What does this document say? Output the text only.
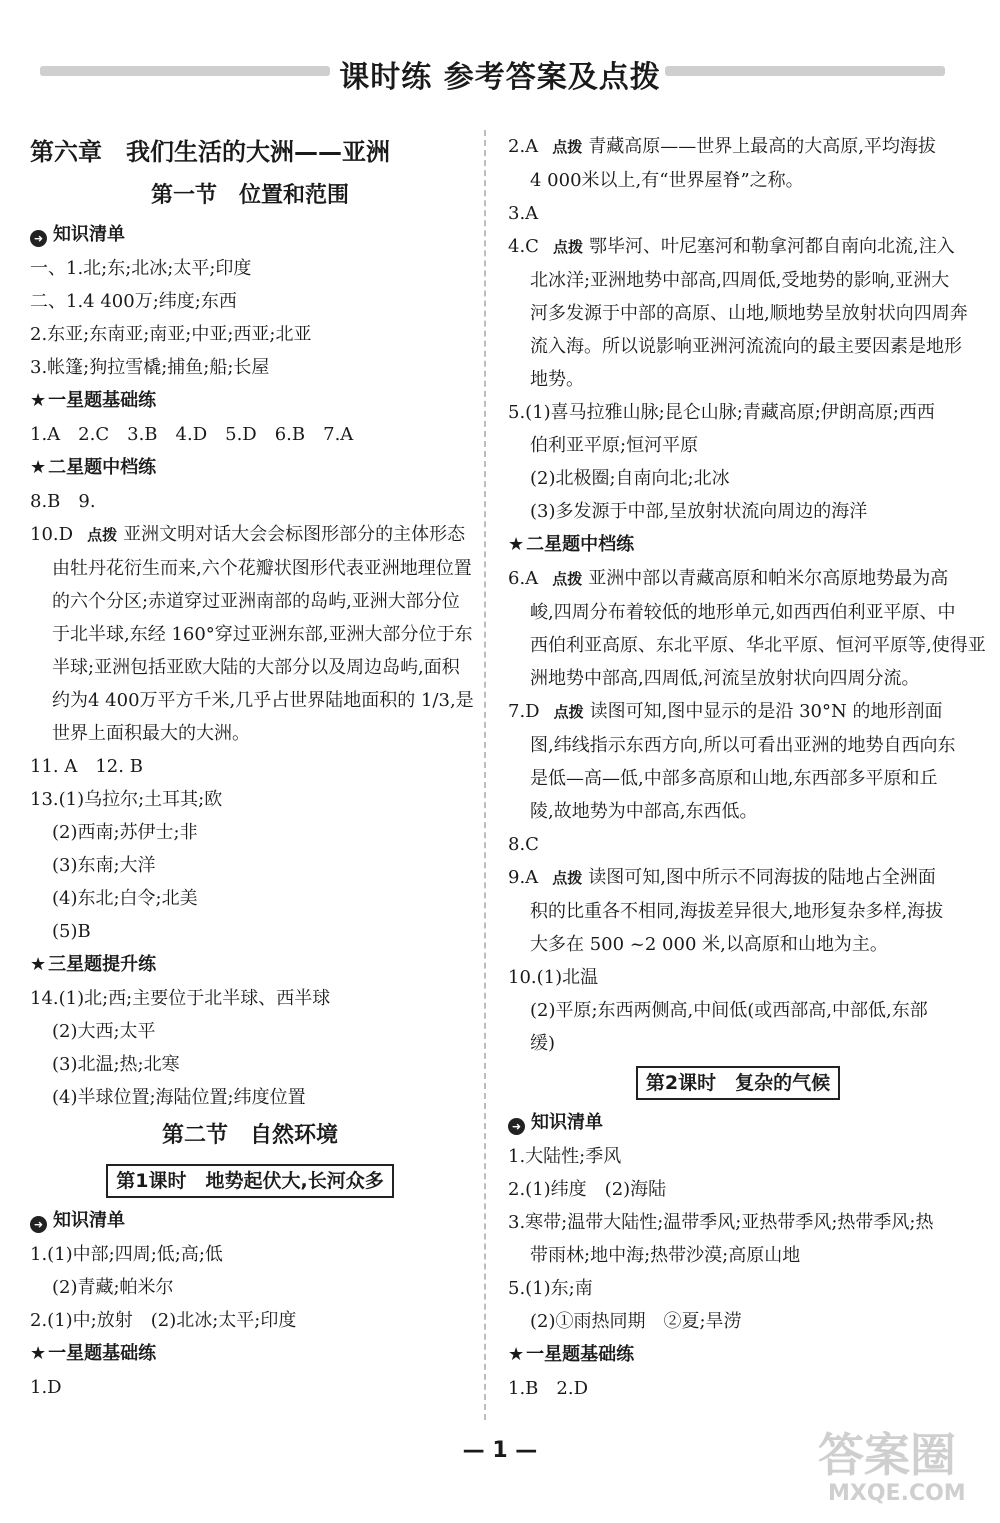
课时练 参考答案及点拨
第六章　我们生活的大洲——亚洲
第一节　位置和范围
➜ 知识清单
一、1.北;东;北冰;太平;印度
二、1.4 400万;纬度;东西
2.东亚;东南亚;南亚;中亚;西亚;北亚
3.帐篷;狗拉雪橇;捕鱼;船;长屋
★ 一星题基础练
1.A　2.C　3.B　4.D　5.D　6.B　7.A
★ 二星题中档练
8.B　9.
10.D 点拨 亚洲文明对话大会会标图形部分的主体形态
由牡丹花衍生而来,六个花瓣状图形代表亚洲地理位置
的六个分区;赤道穿过亚洲南部的岛屿,亚洲大部分位
于北半球,东经 160°穿过亚洲东部,亚洲大部分位于东
半球;亚洲包括亚欧大陆的大部分以及周边岛屿,面积
约为4 400万平方千米,几乎占世界陆地面积的 1/3,是
世界上面积最大的大洲。
11. A　12. B
13.(1)乌拉尔;土耳其;欧
(2)西南;苏伊士;非
(3)东南;大洋
(4)东北;白令;北美
(5)B
★ 三星题提升练
14.(1)北;西;主要位于北半球、西半球
(2)大西;太平
(3)北温;热;北寒
(4)半球位置;海陆位置;纬度位置
第二节　自然环境
第1课时　地势起伏大,长河众多
➜ 知识清单
1.(1)中部;四周;低;高;低
(2)青藏;帕米尔
2.(1)中;放射　(2)北冰;太平;印度
★ 一星题基础练
1.D
2.A 点拨 青藏高原——世界上最高的大高原,平均海拔
4 000米以上,有“世界屋脊”之称。
3.A
4.C 点拨 鄂毕河、叶尼塞河和勒拿河都自南向北流,注入
北冰洋;亚洲地势中部高,四周低,受地势的影响,亚洲大
河多发源于中部的高原、山地,顺地势呈放射状向四周奔
流入海。所以说影响亚洲河流流向的最主要因素是地形
地势。
5.(1)喜马拉雅山脉;昆仑山脉;青藏高原;伊朗高原;西西
伯利亚平原;恒河平原
(2)北极圈;自南向北;北冰
(3)多发源于中部,呈放射状流向周边的海洋
★ 二星题中档练
6.A 点拨 亚洲中部以青藏高原和帕米尔高原地势最为高
峻,四周分布着较低的地形单元,如西西伯利亚平原、中
西伯利亚高原、东北平原、华北平原、恒河平原等,使得亚
洲地势中部高,四周低,河流呈放射状向四周分流。
7.D 点拨 读图可知,图中显示的是沿 30°N 的地形剖面
图,纬线指示东西方向,所以可看出亚洲的地势自西向东
是低—高—低,中部多高原和山地,东西部多平原和丘
陵,故地势为中部高,东西低。
8.C
9.A 点拨 读图可知,图中所示不同海拔的陆地占全洲面
积的比重各不相同,海拔差异很大,地形复杂多样,海拔
大多在 500 ~2 000 米,以高原和山地为主。
10.(1)北温
(2)平原;东西两侧高,中间低(或西部高,中部低,东部
缓)
第2课时　复杂的气候
➜ 知识清单
1.大陆性;季风
2.(1)纬度　(2)海陆
3.寒带;温带大陆性;温带季风;亚热带季风;热带季风;热
带雨林;地中海;热带沙漠;高原山地
5.(1)东;南
(2)①雨热同期　②夏;旱涝
★ 一星题基础练
1.B　2.D
— 1 —	答案圈
MXQE.COM
